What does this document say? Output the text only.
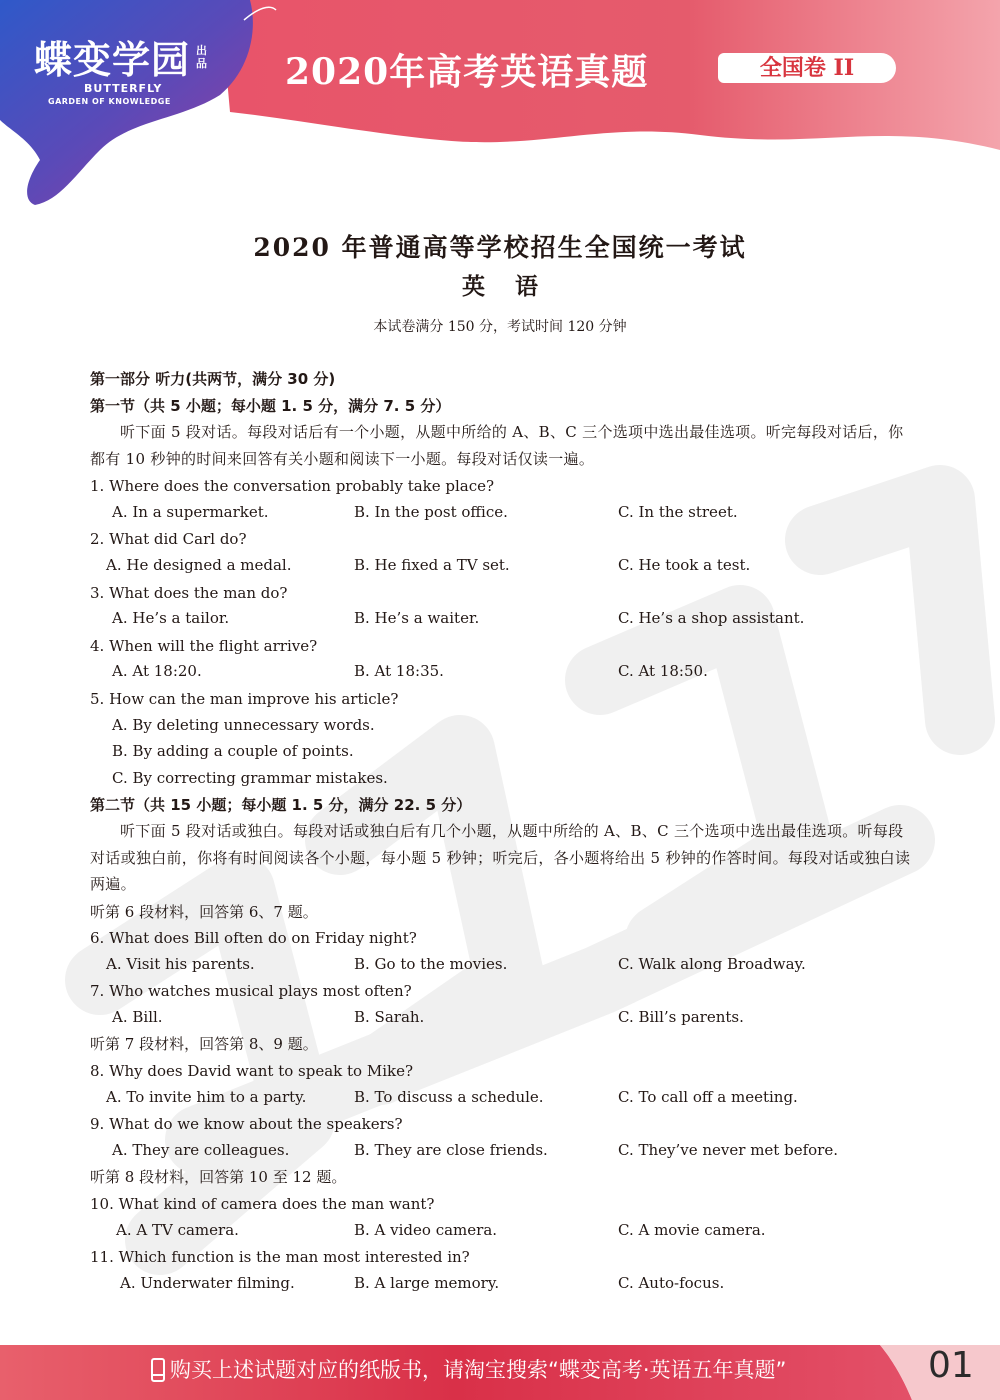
蝶变学园 出品
BUTTERFLY
GARDEN OF KNOWLEDGE
2020年高考英语真题	全国卷 II
2020 年普通高等学校招生全国统一考试
英语
本试卷满分 150 分，考试时间 120 分钟
第一部分 听力(共两节，满分 30 分)
第一节（共 5 小题；每小题 1. 5 分，满分 7. 5 分）
听下面 5 段对话。每段对话后有一个小题，从题中所给的 A、B、C 三个选项中选出最佳选项。听完每段对话后，你都有 10 秒钟的时间来回答有关小题和阅读下一小题。每段对话仅读一遍。
1. Where does the conversation probably take place?
A. In a supermarket.	B. In the post office.	C. In the street.
2. What did Carl do?
A. He designed a medal.	B. He fixed a TV set.	C. He took a test.
3. What does the man do?
A. He’s a tailor.	B. He’s a waiter.	C. He’s a shop assistant.
4. When will the flight arrive?
A. At 18:20.	B. At 18:35.	C. At 18:50.
5. How can the man improve his article?
A. By deleting unnecessary words.
B. By adding a couple of points.
C. By correcting grammar mistakes.
第二节（共 15 小题；每小题 1. 5 分，满分 22. 5 分）
听下面 5 段对话或独白。每段对话或独白后有几个小题，从题中所给的 A、B、C 三个选项中选出最佳选项。听每段对话或独白前，你将有时间阅读各个小题，每小题 5 秒钟；听完后，各小题将给出 5 秒钟的作答时间。每段对话或独白读两遍。
听第 6 段材料，回答第 6、7 题。
6. What does Bill often do on Friday night?
A. Visit his parents.	B. Go to the movies.	C. Walk along Broadway.
7. Who watches musical plays most often?
A. Bill.	B. Sarah.	C. Bill’s parents.
听第 7 段材料，回答第 8、9 题。
8. Why does David want to speak to Mike?
A. To invite him to a party.	B. To discuss a schedule.	C. To call off a meeting.
9. What do we know about the speakers?
A. They are colleagues.	B. They are close friends.	C. They’ve never met before.
听第 8 段材料，回答第 10 至 12 题。
10. What kind of camera does the man want?
A. A TV camera.	B. A video camera.	C. A movie camera.
11. Which function is the man most interested in?
A. Underwater filming.	B. A large memory.	C. Auto-focus.
购买上述试题对应的纸版书，请淘宝搜索“蝶变高考·英语五年真题”	01
